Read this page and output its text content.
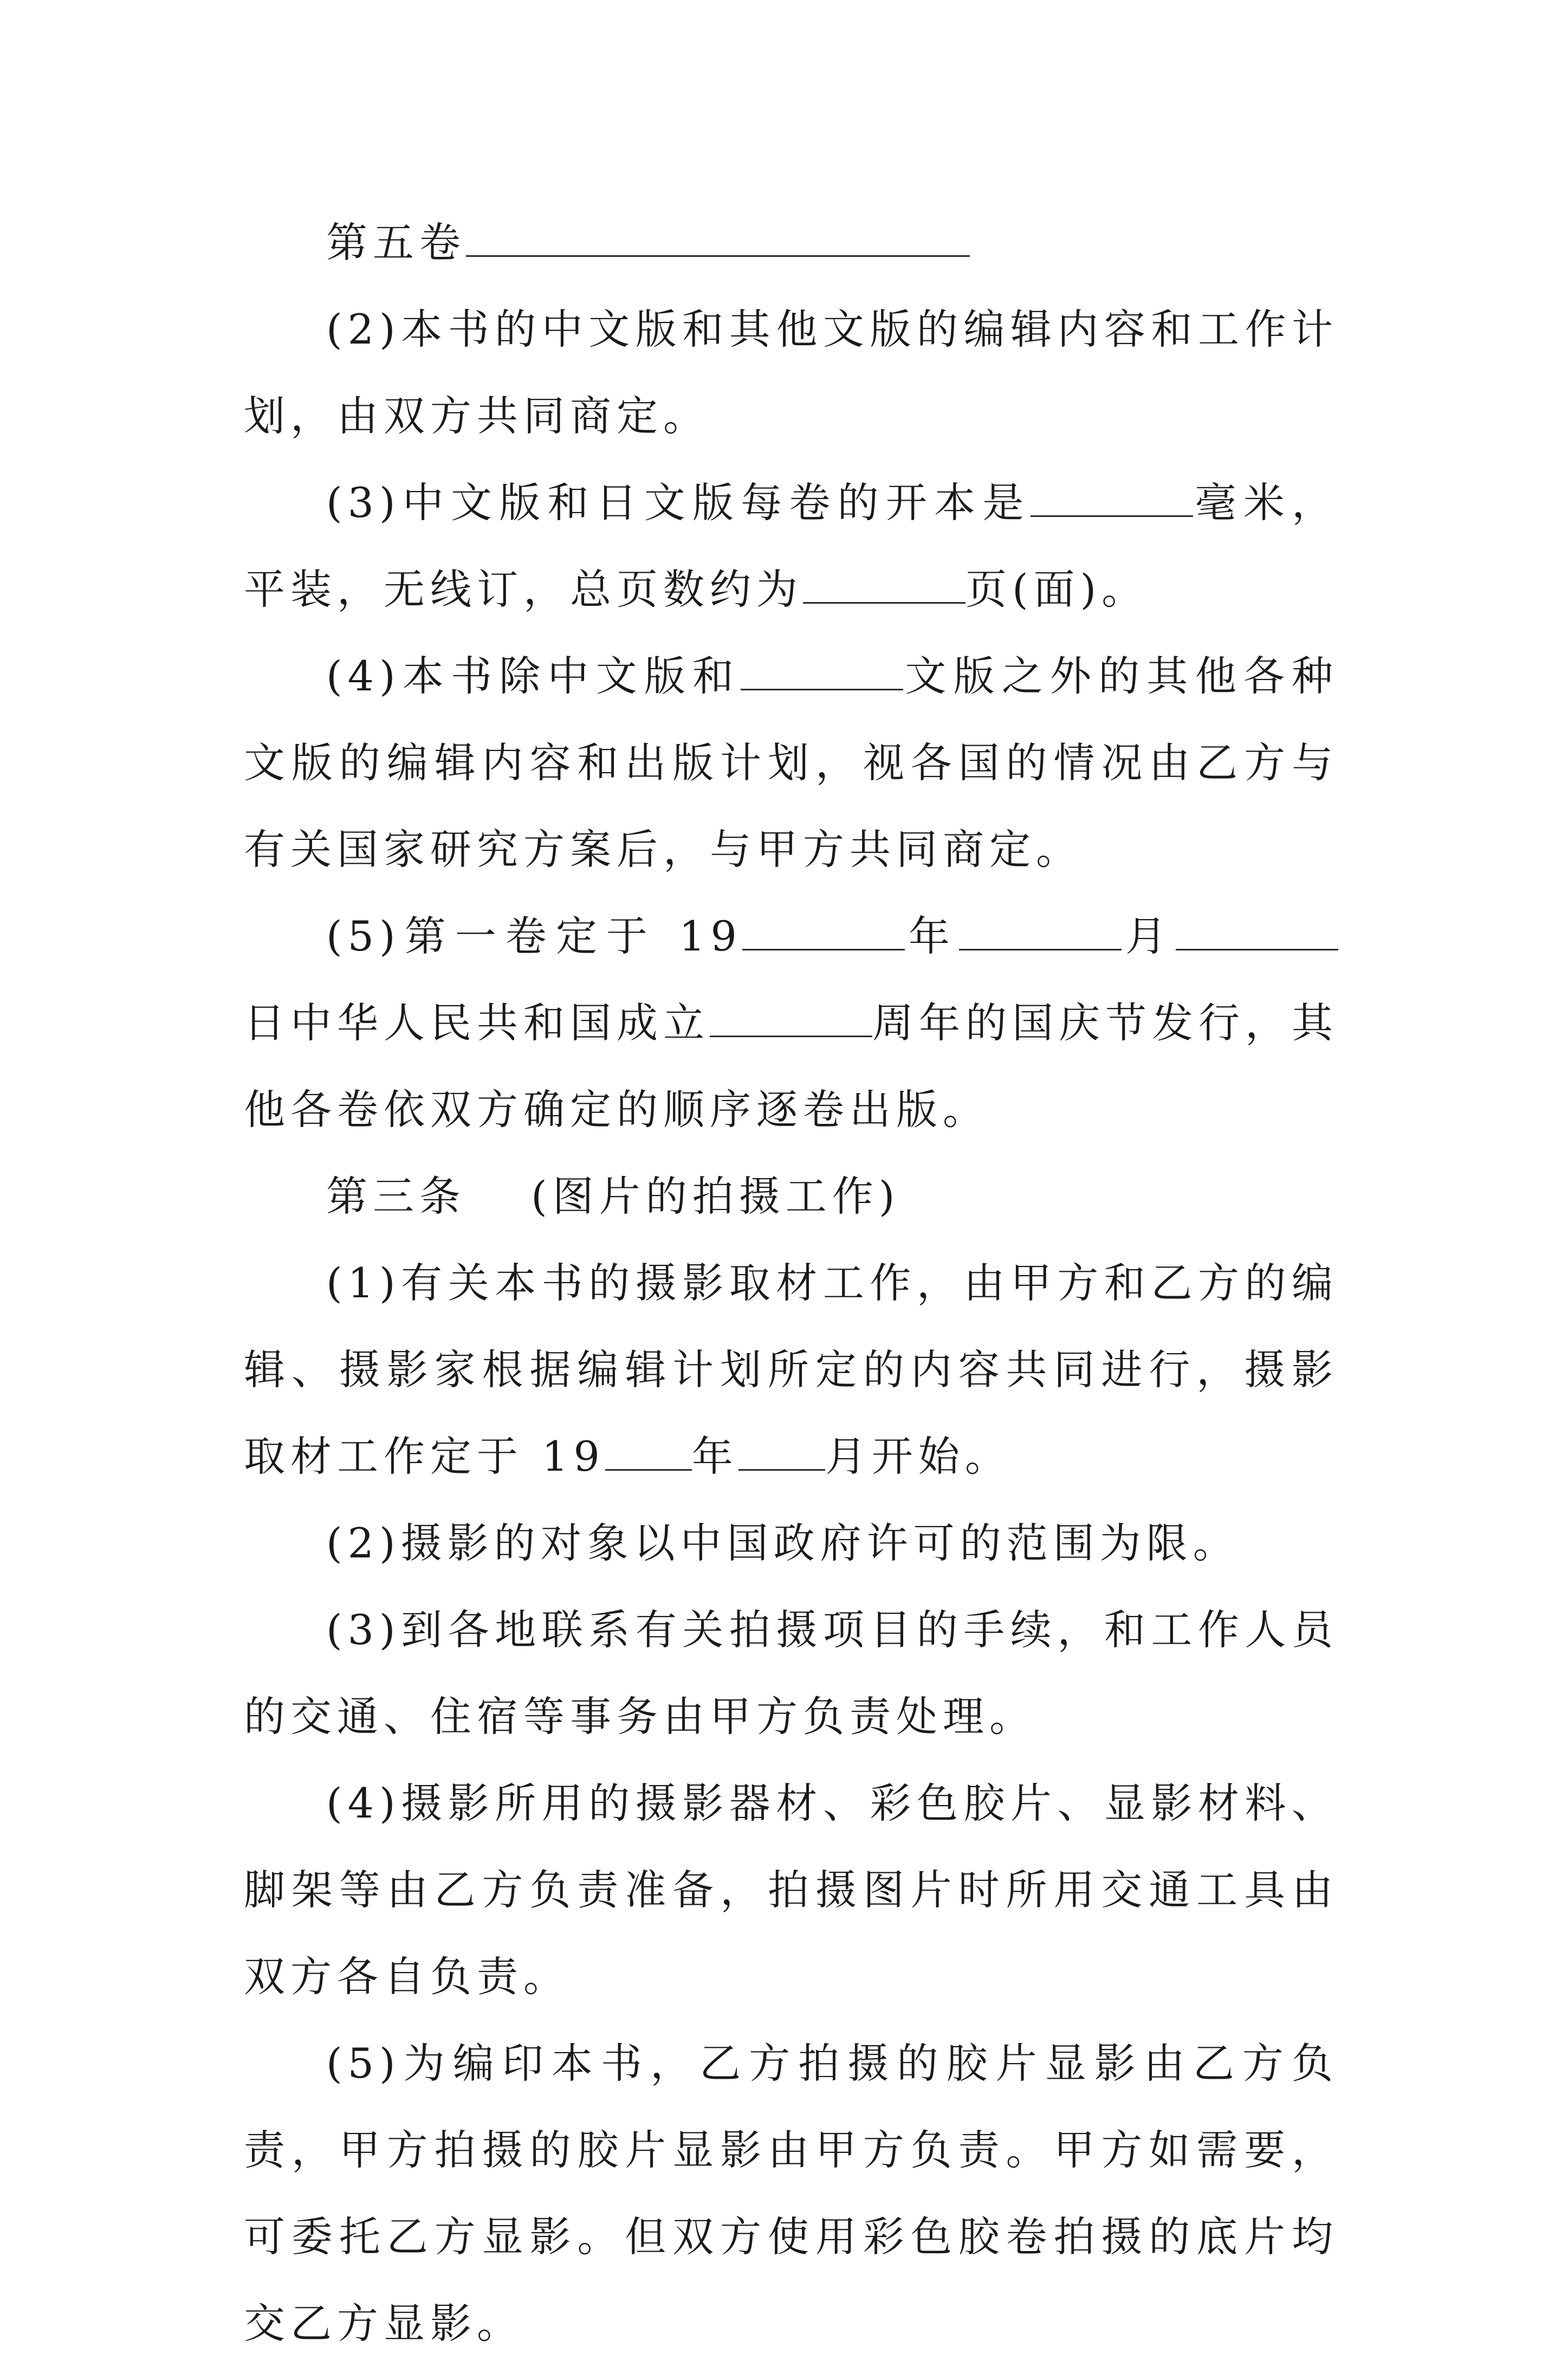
第五卷

(2)本书的中文版和其他文版的编辑内容和工作计划，由双方共同商定。

(3)中文版和日文版每卷的开本是	毫米，平装，无线订，总页数约为	页(面)。

(4)本书除中文版和	文版之外的其他各种文版的编辑内容和出版计划，视各国的情况由乙方与有关国家研究方案后，与甲方共同商定。

(5)第一卷定于 19	年	月日中华人民共和国成立	周年的国庆节发行，其他各卷依双方确定的顺序逐卷出版。

第三条　 (图片的拍摄工作)

(1)有关本书的摄影取材工作，由甲方和乙方的编辑、摄影家根据编辑计划所定的内容共同进行，摄影取材工作定于 19 年 月开始。

(2)摄影的对象以中国政府许可的范围为限。

(3)到各地联系有关拍摄项目的手续，和工作人员的交通、住宿等事务由甲方负责处理。

(4)摄影所用的摄影器材、彩色胶片、显影材料、脚架等由乙方负责准备，拍摄图片时所用交通工具由双方各自负责。

(5)为编印本书，乙方拍摄的胶片显影由乙方负责，甲方拍摄的胶片显影由甲方负责。甲方如需要，可委托乙方显影。但双方使用彩色胶卷拍摄的底片均交乙方显影。
